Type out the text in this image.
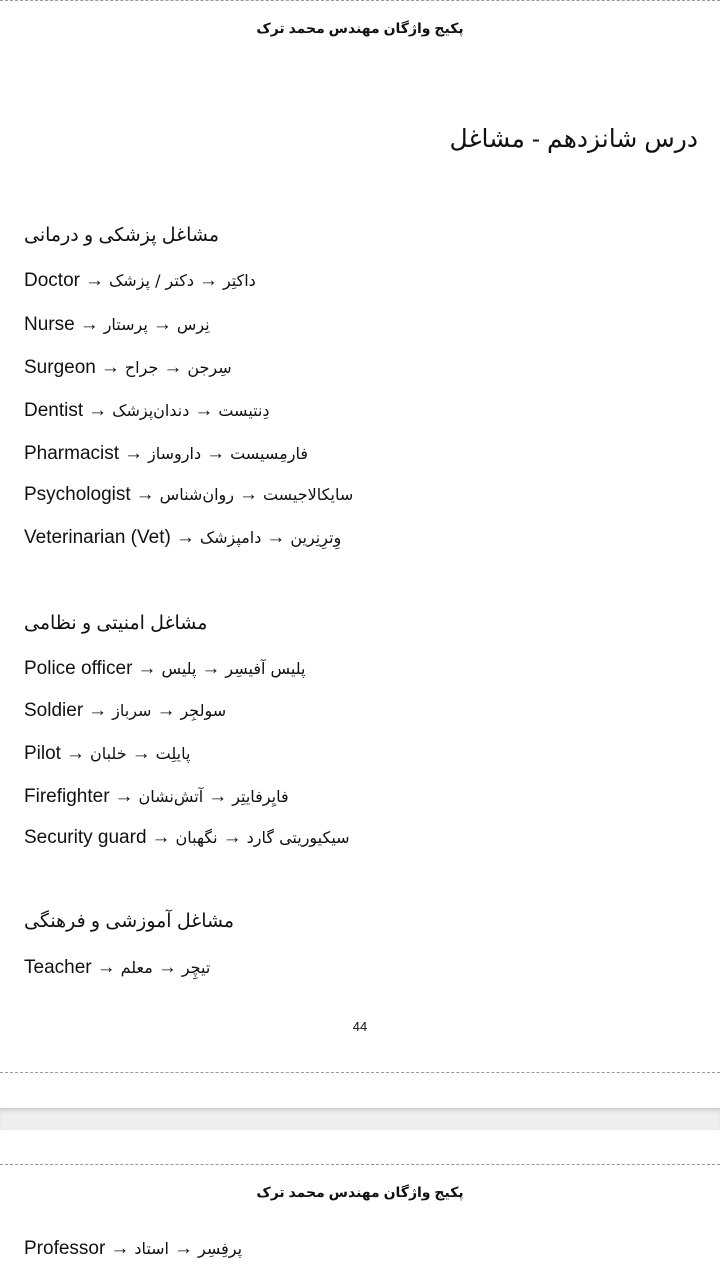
پکیج واژگان مهندس محمد ترک
درس شانزدهم - مشاغل
مشاغل پزشکی و درمانی
Doctor →	داکتِر→دکتر / پزشک
Nurse →	نِرس→پرستار
Surgeon →	سِرجن→جراح
Dentist →	دِنتیست→دندان‌پزشک
Pharmacist →	فارمِسیست→داروساز
Psychologist →	سایکالاجیست→روان‌شناس
Veterinarian (Vet) →	وِترِنِرین→دامپزشک
مشاغل امنیتی و نظامی
Police officer →	پلیس آفیسِر→پلیس
Soldier →	سولجِر→سرباز
Pilot →	پایلِت→خلبان
Firefighter →	فایِرفایتِر→آتش‌نشان
Security guard →	سیکیوریتی گارد→نگهبان
مشاغل آموزشی و فرهنگی
Teacher →	تیچِر→معلم
44
پکیج واژگان مهندس محمد ترک
Professor →	پرفِسِر→استاد
